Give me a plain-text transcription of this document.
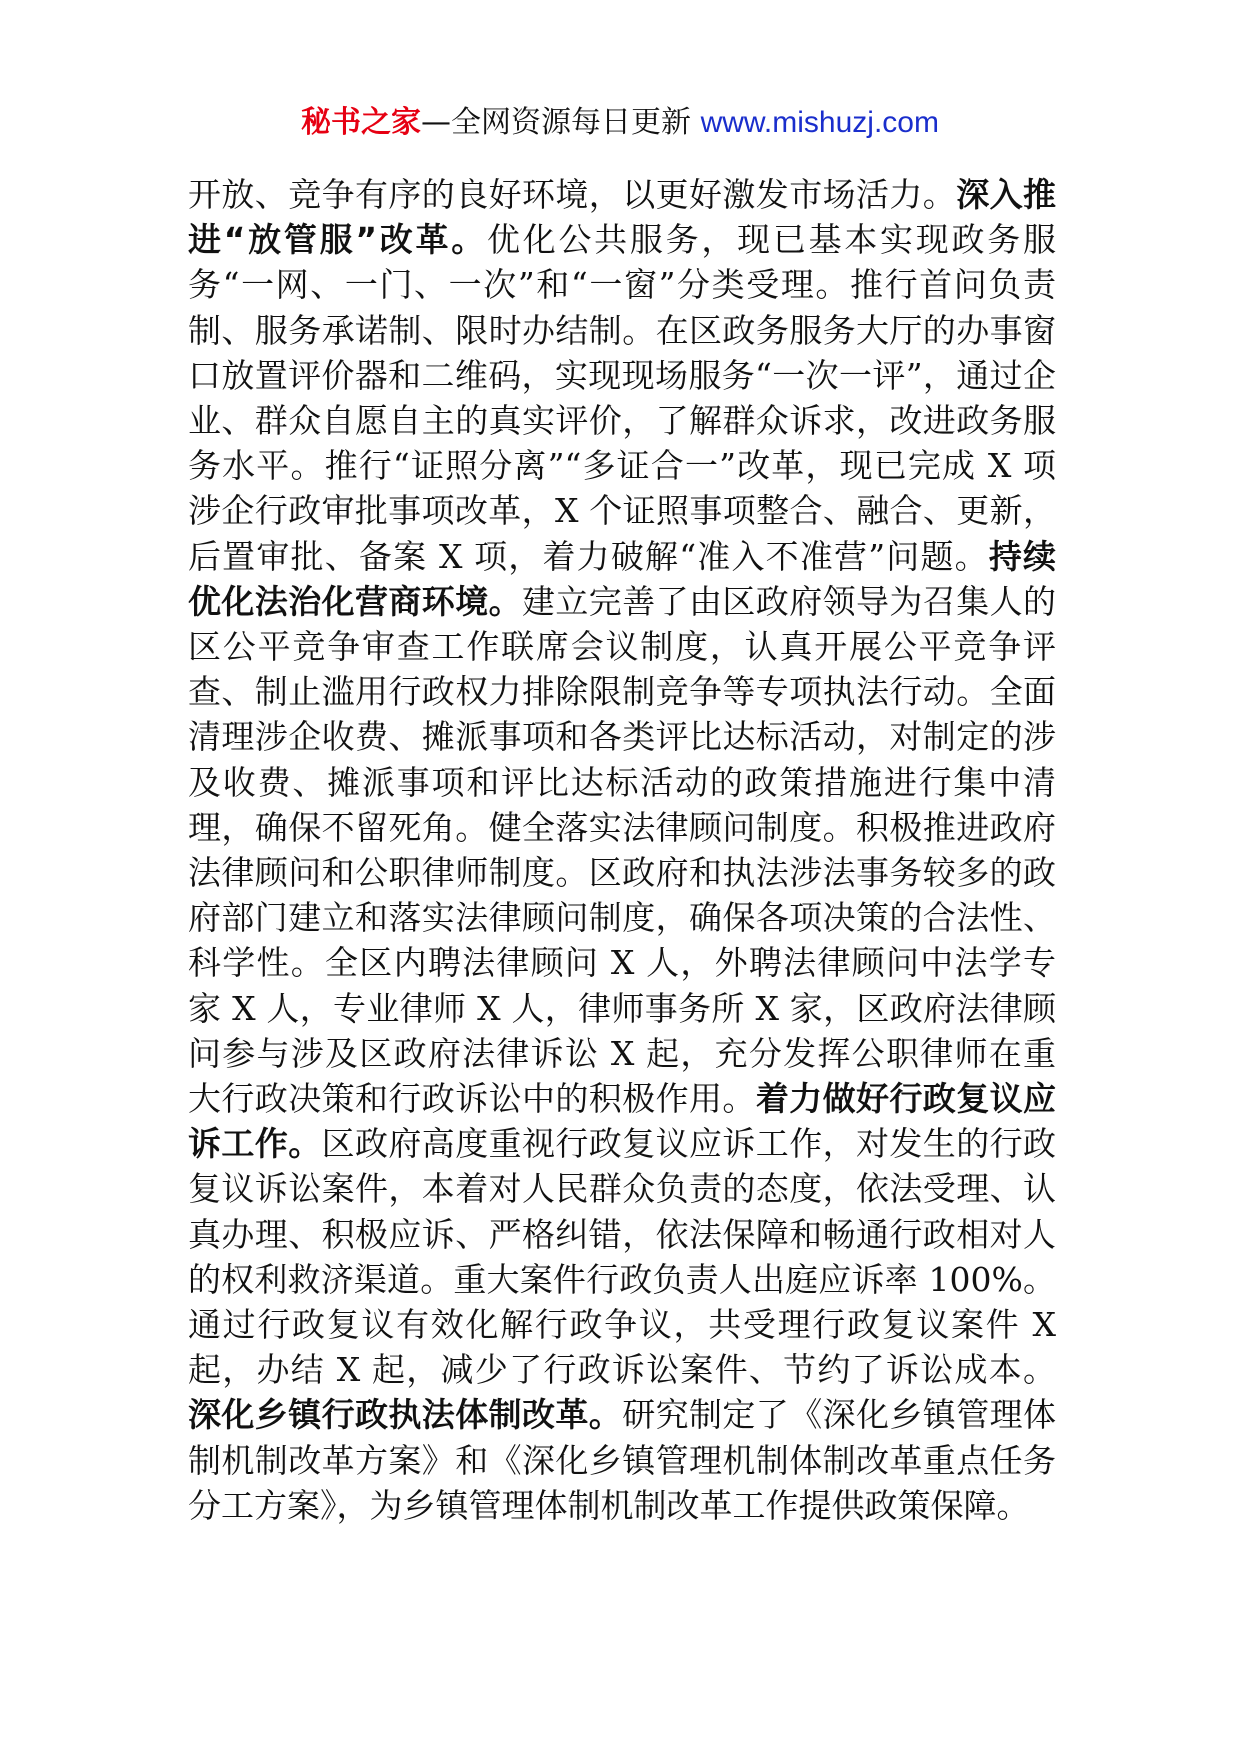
秘书之家—全网资源每日更新 www.mishuzj.com

开放、竞争有序的良好环境，以更好激发市场活力。深入推进“放管服”改革。优化公共服务，现已基本实现政务服务“一网、一门、一次”和“一窗”分类受理。推行首问负责制、服务承诺制、限时办结制。在区政务服务大厅的办事窗口放置评价器和二维码，实现现场服务“一次一评”，通过企业、群众自愿自主的真实评价，了解群众诉求，改进政务服务水平。推行“证照分离”“多证合一”改革，现已完成 X 项涉企行政审批事项改革，X 个证照事项整合、融合、更新，后置审批、备案 X 项，着力破解“准入不准营”问题。持续优化法治化营商环境。建立完善了由区政府领导为召集人的区公平竞争审查工作联席会议制度，认真开展公平竞争评查、制止滥用行政权力排除限制竞争等专项执法行动。全面清理涉企收费、摊派事项和各类评比达标活动，对制定的涉及收费、摊派事项和评比达标活动的政策措施进行集中清理，确保不留死角。健全落实法律顾问制度。积极推进政府法律顾问和公职律师制度。区政府和执法涉法事务较多的政府部门建立和落实法律顾问制度，确保各项决策的合法性、科学性。全区内聘法律顾问 X 人，外聘法律顾问中法学专家 X 人，专业律师 X 人，律师事务所 X 家，区政府法律顾问参与涉及区政府法律诉讼 X 起，充分发挥公职律师在重大行政决策和行政诉讼中的积极作用。着力做好行政复议应诉工作。区政府高度重视行政复议应诉工作，对发生的行政复议诉讼案件，本着对人民群众负责的态度，依法受理、认真办理、积极应诉、严格纠错，依法保障和畅通行政相对人的权利救济渠道。重大案件行政负责人出庭应诉率 100%。通过行政复议有效化解行政争议，共受理行政复议案件 X 起，办结 X 起，减少了行政诉讼案件、节约了诉讼成本。深化乡镇行政执法体制改革。研究制定了《深化乡镇管理体制机制改革方案》和《深化乡镇管理机制体制改革重点任务分工方案》，为乡镇管理体制机制改革工作提供政策保障。
